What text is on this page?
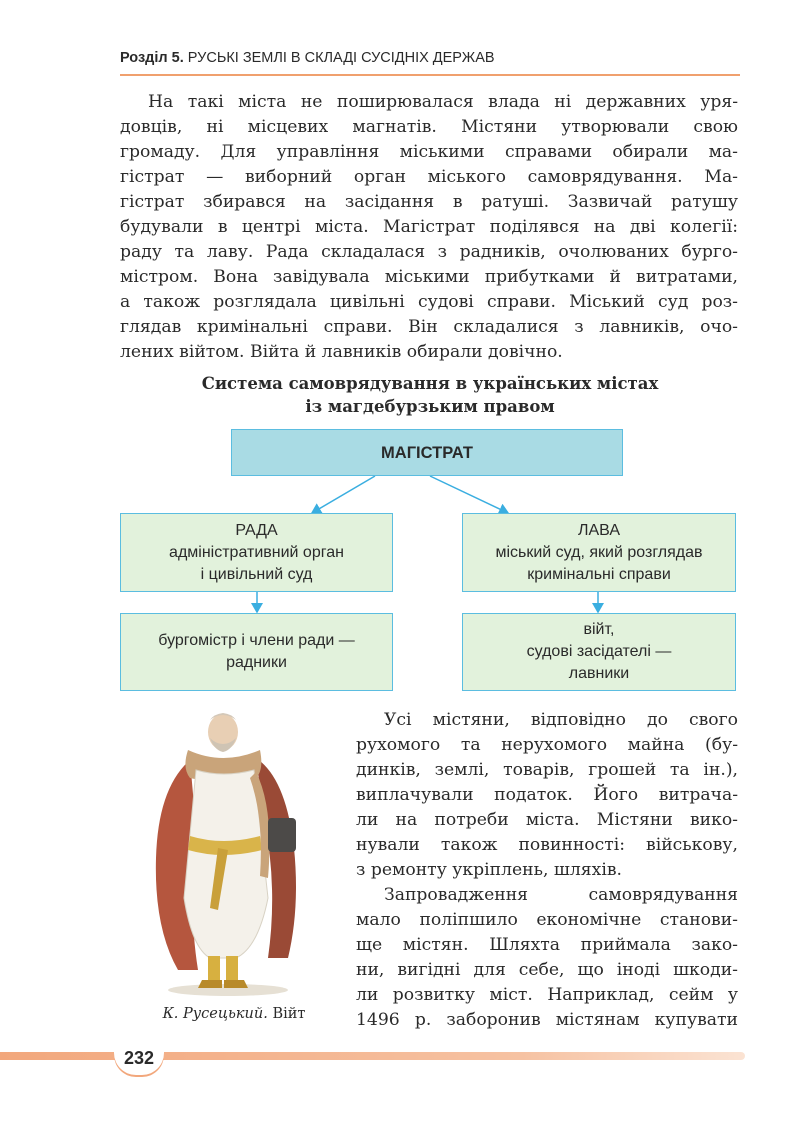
Розділ 5. РУСЬКІ ЗЕМЛІ В СКЛАДІ СУСІДНІХ ДЕРЖАВ
На такі міста не поширювалася влада ні державних уря-
довців, ні місцевих магнатів. Містяни утворювали свою
громаду. Для управління міськими справами обирали ма-
гістрат — виборний орган міського самоврядування. Ма-
гістрат збирався на засідання в ратуші. Зазвичай ратушу
будували в центрі міста. Магістрат поділявся на дві колегії:
раду та лаву. Рада складалася з радників, очолюваних бурго-
містром. Вона завідувала міськими прибутками й витратами,
а також розглядала цивільні судові справи. Міський суд роз-
глядав кримінальні справи. Він складалися з лавників, очо-
лених війтом. Війта й лавників обирали довічно.
Система самоврядування в українських містах
із магдебурзьким правом
МАГІСТРАТ
РАДА
адміністративний орган
і цивільний суд
ЛАВА
міський суд, який розглядав
кримінальні справи
бургомістр і члени ради —
радники
війт,
судові засідателі —
лавники
К. Русецький. Війт
Усі містяни, відповідно до свого
рухомого та нерухомого майна (бу-
динків, землі, товарів, грошей та ін.),
виплачували податок. Його витрача-
ли на потреби міста. Містяни вико-
нували також повинності: військову,
з ремонту укріплень, шляхів.
Запровадження самоврядування
мало поліпшило економічне станови-
ще містян. Шляхта приймала зако-
ни, вигідні для себе, що іноді шкоди-
ли розвитку міст. Наприклад, сейм у
1496 р. заборонив містянам купувати
232
